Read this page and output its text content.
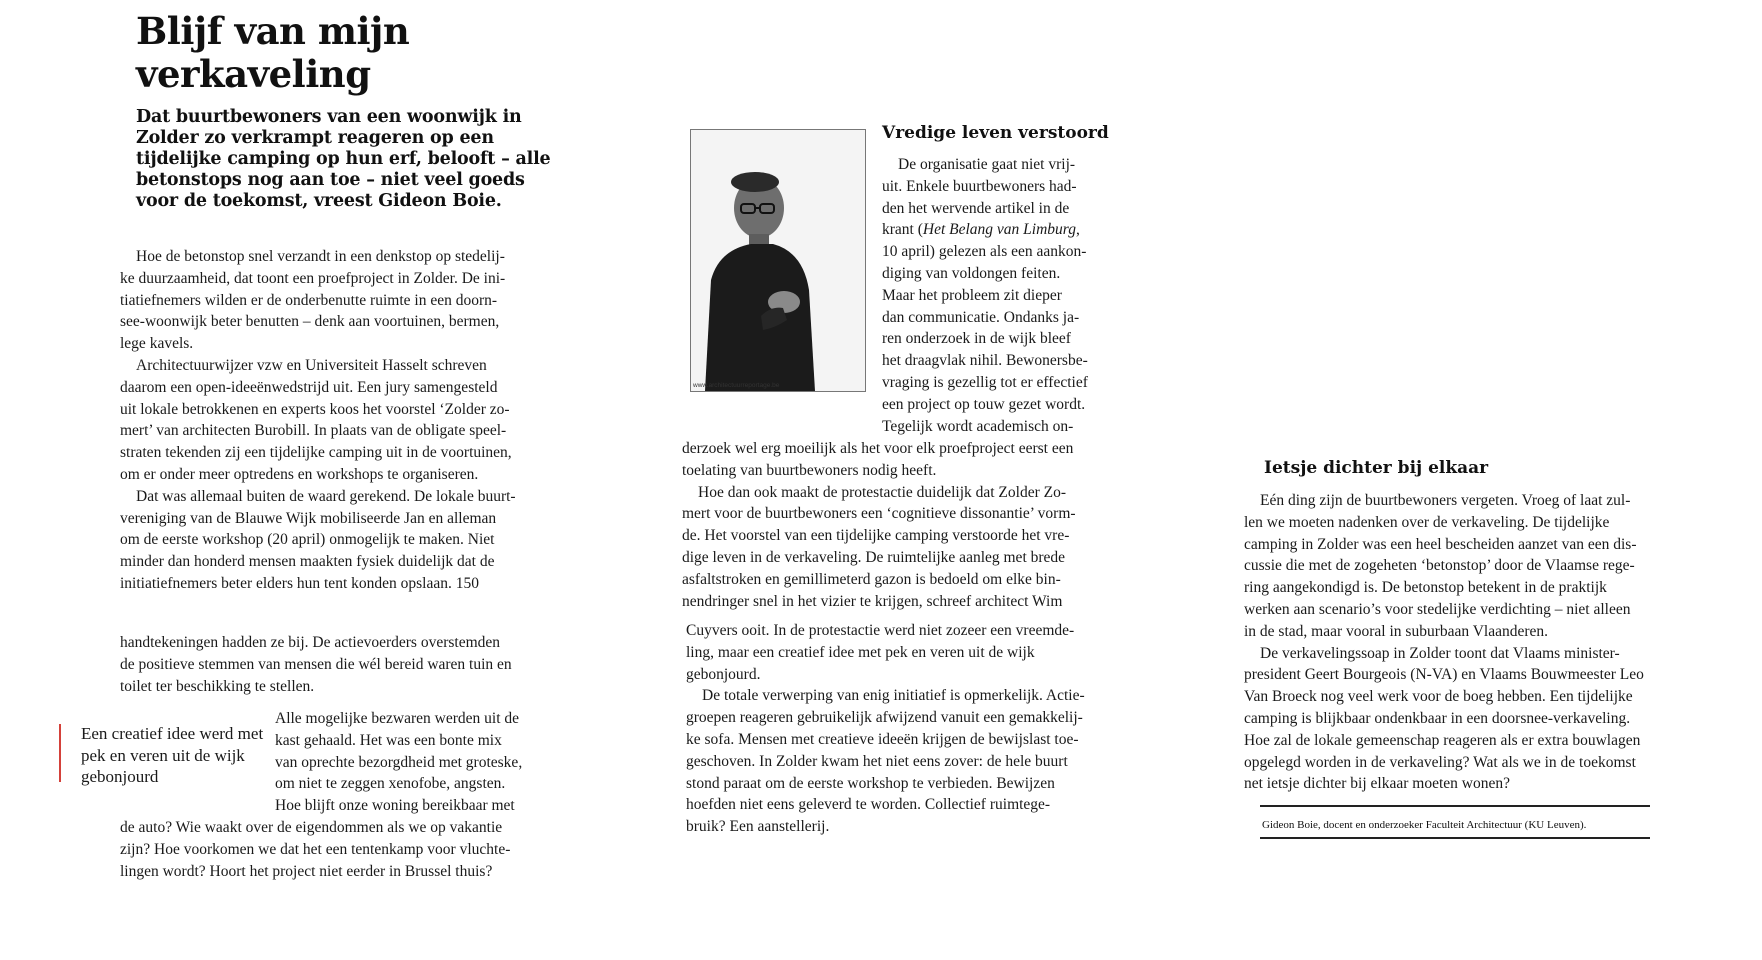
Blijf van mijn verkaveling
Dat buurtbewoners van een woonwijk in Zolder zo verkrampt reageren op een tijdelijke camping op hun erf, belooft – alle betonstops nog aan toe – niet veel goeds voor de toekomst, vreest Gideon Boie.
Hoe de betonstop snel verzandt in een denkstop op stedelij-
ke duurzaamheid, dat toont een proefproject in Zolder. De ini-
tiatiefnemers wilden er de onderbenutte ruimte in een doorn-
see-woonwijk beter benutten – denk aan voortuinen, bermen,
lege kavels.
Architectuurwijzer vzw en Universiteit Hasselt schreven
daarom een open-ideeënwedstrijd uit. Een jury samengesteld
uit lokale betrokkenen en experts koos het voorstel ‘Zolder zo-
mert’ van architecten Burobill. In plaats van de obligate speel-
straten tekenden zij een tijdelijke camping uit in de voortuinen,
om er onder meer optredens en workshops te organiseren.
Dat was allemaal buiten de waard gerekend. De lokale buurt-
vereniging van de Blauwe Wijk mobiliseerde Jan en alleman
om de eerste workshop (20 april) onmogelijk te maken. Niet
minder dan honderd mensen maakten fysiek duidelijk dat de
initiatiefnemers beter elders hun tent konden opslaan. 150
handtekeningen hadden ze bij. De actievoerders overstemden
de positieve stemmen van mensen die wél bereid waren tuin en
toilet ter beschikking te stellen.
Een creatief idee werd met pek en veren uit de wijk gebonjourd
Alle mogelijke bezwaren werden uit de
kast gehaald. Het was een bonte mix
van oprechte bezorgdheid met groteske,
om niet te zeggen xenofobe, angsten.
Hoe blijft onze woning bereikbaar met
de auto? Wie waakt over de eigendommen als we op vakantie
zijn? Hoe voorkomen we dat het een tentenkamp voor vluchte-
lingen wordt? Hoort het project niet eerder in Brussel thuis?
www.architectuurreportage.be
Vredige leven verstoord
De organisatie gaat niet vrij-
uit. Enkele buurtbewoners had-
den het wervende artikel in de
krant (Het Belang van Limburg,
10 april) gelezen als een aankon-
diging van voldongen feiten.
Maar het probleem zit dieper
dan communicatie. Ondanks ja-
ren onderzoek in de wijk bleef
het draagvlak nihil. Bewonersbe-
vraging is gezellig tot er effectief
een project op touw gezet wordt.
Tegelijk wordt academisch on-
derzoek wel erg moeilijk als het voor elk proefproject eerst een
toelating van buurtbewoners nodig heeft.
Hoe dan ook maakt de protestactie duidelijk dat Zolder Zo-
mert voor de buurtbewoners een ‘cognitieve dissonantie’ vorm-
de. Het voorstel van een tijdelijke camping verstoorde het vre-
dige leven in de verkaveling. De ruimtelijke aanleg met brede
asfaltstroken en gemillimeterd gazon is bedoeld om elke bin-
nendringer snel in het vizier te krijgen, schreef architect Wim
Cuyvers ooit. In de protestactie werd niet zozeer een vreemde-
ling, maar een creatief idee met pek en veren uit de wijk
gebonjourd.
De totale verwerping van enig initiatief is opmerkelijk. Actie-
groepen reageren gebruikelijk afwijzend vanuit een gemakkelij-
ke sofa. Mensen met creatieve ideeën krijgen de bewijslast toe-
geschoven. In Zolder kwam het niet eens zover: de hele buurt
stond paraat om de eerste workshop te verbieden. Bewijzen
hoefden niet eens geleverd te worden. Collectief ruimtege-
bruik? Een aanstellerij.
Ietsje dichter bij elkaar
Eén ding zijn de buurtbewoners vergeten. Vroeg of laat zul-
len we moeten nadenken over de verkaveling. De tijdelijke
camping in Zolder was een heel bescheiden aanzet van een dis-
cussie die met de zogeheten ‘betonstop’ door de Vlaamse rege-
ring aangekondigd is. De betonstop betekent in de praktijk
werken aan scenario’s voor stedelijke verdichting – niet alleen
in de stad, maar vooral in suburbaan Vlaanderen.
De verkavelingssoap in Zolder toont dat Vlaams minister-
president Geert Bourgeois (N-VA) en Vlaams Bouwmeester Leo
Van Broeck nog veel werk voor de boeg hebben. Een tijdelijke
camping is blijkbaar ondenkbaar in een doorsnee-verkaveling.
Hoe zal de lokale gemeenschap reageren als er extra bouwlagen
opgelegd worden in de verkaveling? Wat als we in de toekomst
net ietsje dichter bij elkaar moeten wonen?
Gideon Boie, docent en onderzoeker Faculteit Architectuur (KU Leuven).
